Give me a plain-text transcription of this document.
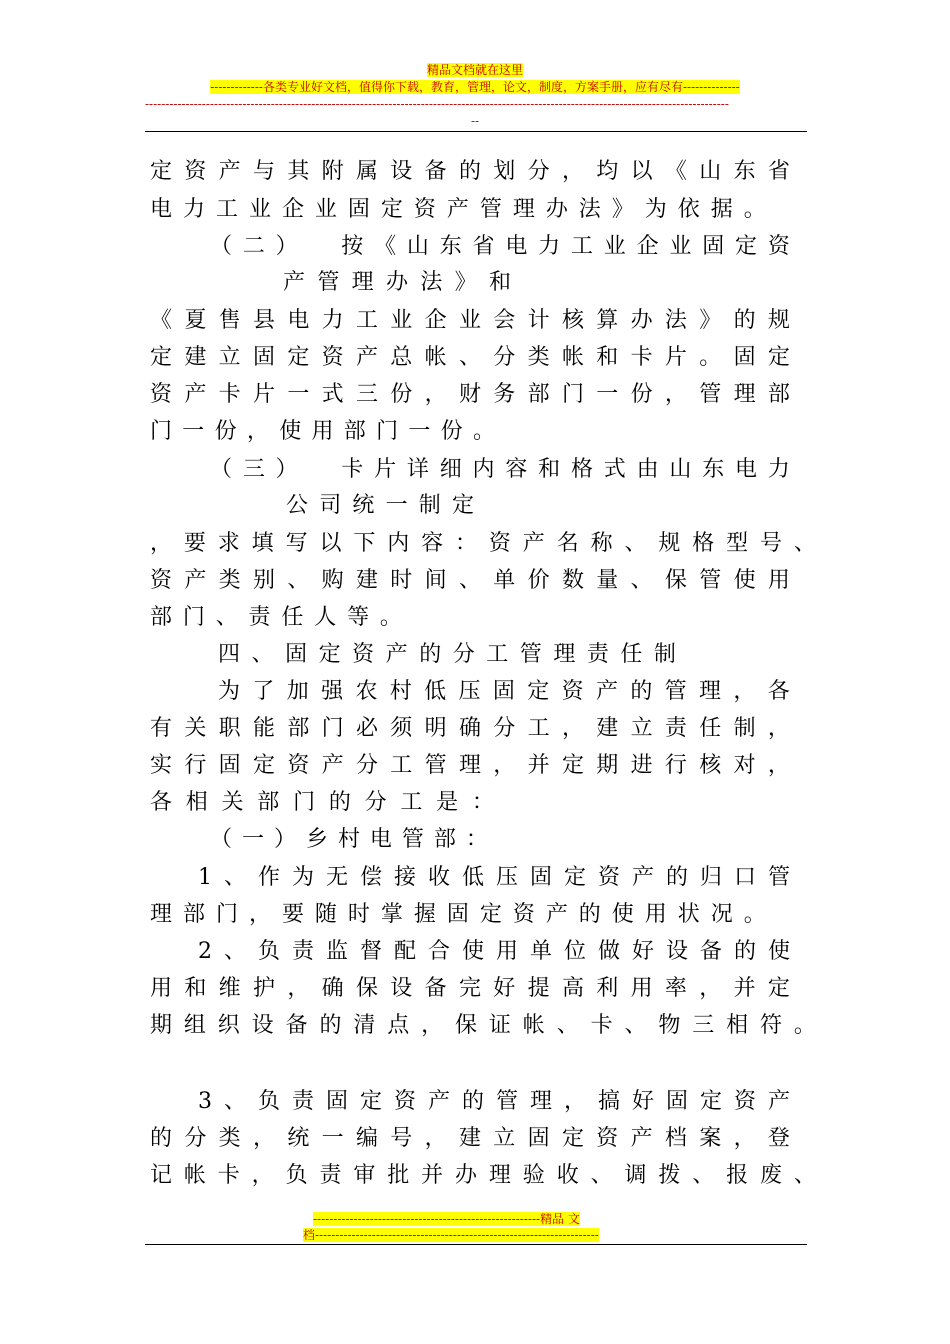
精品文档就在这里
-------------各类专业好文档，值得你下载，教育，管理，论文，制度，方案手册，应有尽有--------------
------------------------------------------------------------------------------------------------------------------------------------------------
--
定 资 产 与 其 附 属 设 备 的 划 分 ， 均 以 《 山 东 省
电 力 工 业 企 业 固 定 资 产 管 理 办 法 》 为 依 据 。
（ 二 ）
　 按 《 山 东 省 电 力 工 业 企 业 固 定 资
产 管 理 办 法 》 和
《 夏 售 县 电 力 工 业 企 业 会 计 核 算 办 法 》 的 规
定 建 立 固 定 资 产 总 帐 、 分 类 帐 和 卡 片 。 固 定
资 产 卡 片 一 式 三 份 ， 财 务 部 门 一 份 ， 管 理 部
门 一 份 ， 使 用 部 门 一 份 。
（ 三 ）
　 卡 片 详 细 内 容 和 格 式 由 山 东 电 力
公 司 统 一 制 定
， 要 求 填 写 以 下 内 容 ： 资 产 名 称 、 规 格 型 号 、
资 产 类 别 、 购 建 时 间 、 单 价 数 量 、 保 管 使 用
部 门 、 责 任 人 等 。
四 、 固 定 资 产 的 分 工 管 理 责 任 制
为 了 加 强 农 村 低 压 固 定 资 产 的 管 理 ， 各
有 关 职 能 部 门 必 须 明 确 分 工 ， 建 立 责 任 制 ，
实 行 固 定 资 产 分 工 管 理 ， 并 定 期 进 行 核 对 ，
各 相 关 部 门 的 分 工 是 ：
（ 一 ） 乡 村 电 管 部 ：
1 、 作 为 无 偿 接 收 低 压 固 定 资 产 的 归 口 管
理 部 门 ， 要 随 时 掌 握 固 定 资 产 的 使 用 状 况 。
2 、 负 责 监 督 配 合 使 用 单 位 做 好 设 备 的 使
用 和 维 护 ， 确 保 设 备 完 好 提 高 利 用 率 ， 并 定
期 组 织 设 备 的 清 点 ， 保 证 帐 、 卡 、 物 三 相 符 。
3 、 负 责 固 定 资 产 的 管 理 ， 搞 好 固 定 资 产
的 分 类 ， 统 一 编 号 ， 建 立 固 定 资 产 档 案 ， 登
记 帐 卡 ， 负 责 审 批 并 办 理 验 收 、 调 拨 、 报 废 、
--------------------------------------------------------精品 文
档----------------------------------------------------------------------
